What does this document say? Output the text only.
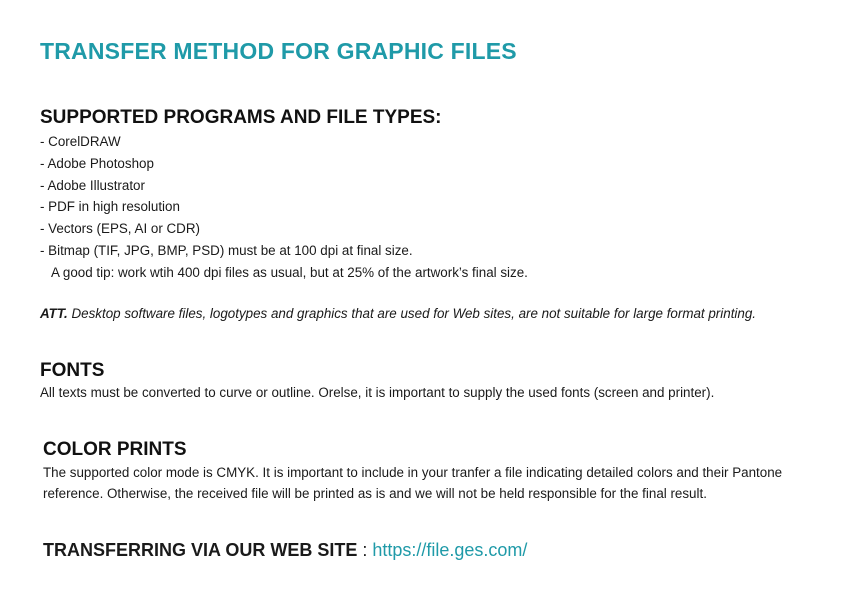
TRANSFER METHOD FOR GRAPHIC FILES
SUPPORTED PROGRAMS AND FILE TYPES:
- CorelDRAW
- Adobe Photoshop
- Adobe Illustrator
- PDF in high resolution
- Vectors (EPS, AI or CDR)
- Bitmap (TIF, JPG, BMP, PSD) must be at 100 dpi at final size.
A good tip: work wtih 400 dpi files as usual, but at 25% of the artwork’s final size.

ATT. Desktop software files, logotypes and graphics that are used for Web sites, are not suitable for large format printing.

FONTS
All texts must be converted to curve or outline. Orelse, it is important to supply the used fonts (screen and printer).
COLOR PRINTS
The supported color mode is CMYK. It is important to include in your tranfer a file indicating detailed colors and their Pantone reference. Otherwise, the received file will be printed as is and we will not be held responsible for the final result.
TRANSFERRING VIA OUR WEB SITE : https://file.ges.com/
